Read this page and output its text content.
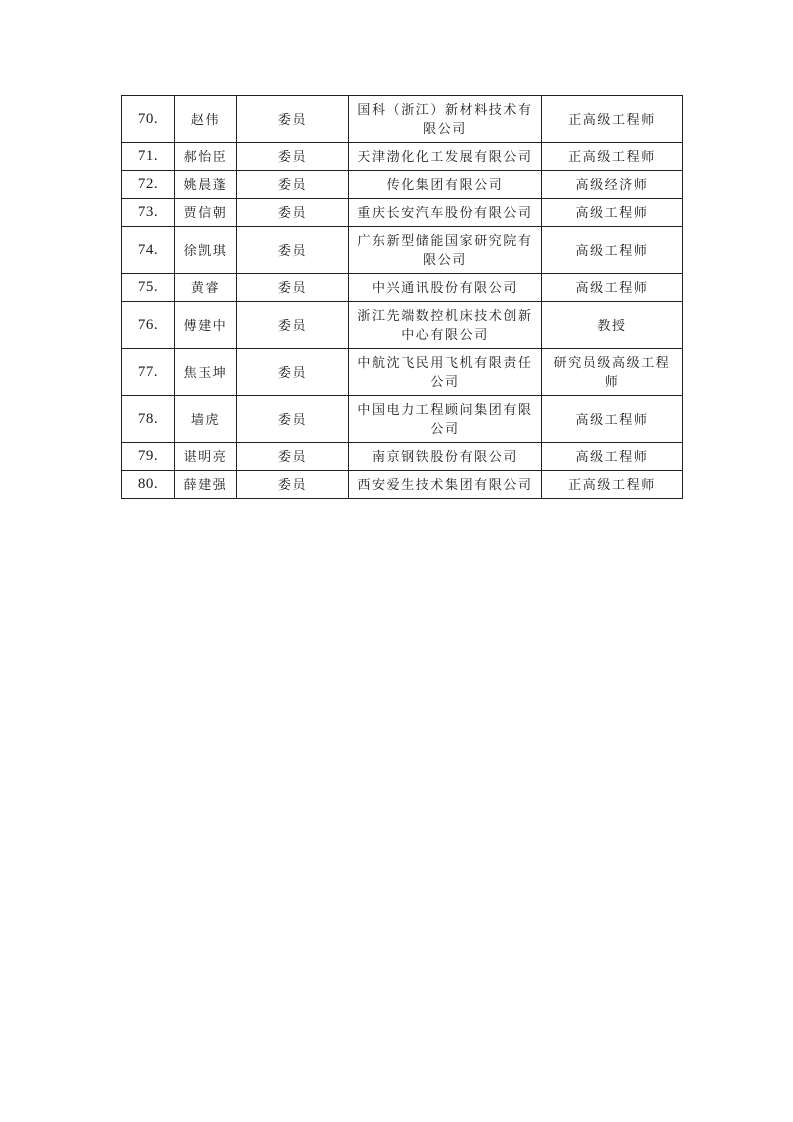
70.	赵伟	委员	国科（浙江）新材料技术有限公司	正高级工程师
71.	郝怡臣	委员	天津渤化化工发展有限公司	正高级工程师
72.	姚晨蓬	委员	传化集团有限公司	高级经济师
73.	贾信朝	委员	重庆长安汽车股份有限公司	高级工程师
74.	徐凯琪	委员	广东新型储能国家研究院有限公司	高级工程师
75.	黄睿	委员	中兴通讯股份有限公司	高级工程师
76.	傅建中	委员	浙江先端数控机床技术创新中心有限公司	教授
77.	焦玉坤	委员	中航沈飞民用飞机有限责任公司	研究员级高级工程师
78.	墙虎	委员	中国电力工程顾问集团有限公司	高级工程师
79.	谌明亮	委员	南京钢铁股份有限公司	高级工程师
80.	薛建强	委员	西安爱生技术集团有限公司	正高级工程师
